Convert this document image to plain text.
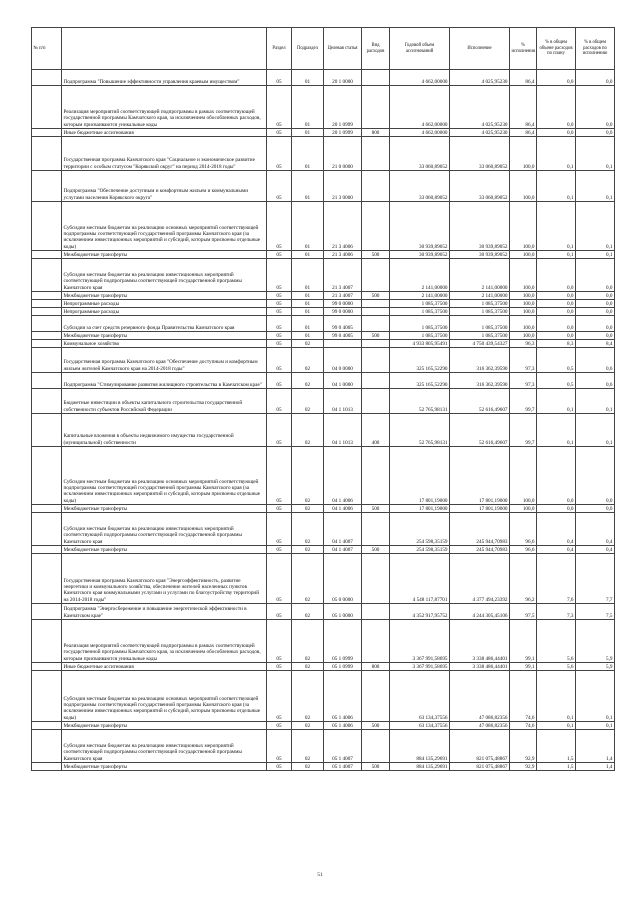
№ п/п		Раздел	Подраздел	Целевая статья	Вид расходов	Годовой объем ассигнований	Исполнение	% исполнения	% в общем объеме расходов по плану	% в общем расходов по исполнению
	Подпрограмма "Повышение эффективности управления краевым имуществом"	05	01	20 1 0000		4 662,00000	4 025,95230	86,4	0,0	0,0
	Реализация мероприятий соответствующей подпрограммы в рамках соответствующей государственной программы Камчатского края, за исключением обособленных расходов, которым присваиваются уникальные коды	05	01	20 1 0999		4 662,00000	4 025,95230	86,4	0,0	0,0
	Иные бюджетные ассигнования	05	01	20 1 0999	800	4 662,00000	4 025,95230	86,4	0,0	0,0
	Государственная программа Камчатского края "Социальное и экономическое развитие территории с особым статусом "Корякский округ" на период 2014-2018 годы"	05	01	21 0 0000		33 060,89052	33 060,89052	100,0	0,1	0,1
	Подпрограмма "Обеспечение доступным и комфортным жильем и коммунальными услугами населения Корякского округа"	05	01	21 3 0000		33 060,89052	33 060,89052	100,0	0,1	0,1
	Субсидии местным бюджетам на реализацию основных мероприятий соответствующей подпрограммы соответствующей государственной программы Камчатского края (за исключением инвестиционных мероприятий и субсидий, которым присвоены отдельные коды)	05	01	21 3 4006		30 939,89052	30 939,89052	100,0	0,1	0,1
	Межбюджетные трансферты	05	01	21 3 4006	500	30 939,89052	30 939,89052	100,0	0,1	0,1
	Субсидии местным бюджетам на реализацию инвестиционных мероприятий соответствующей подпрограммы соответствующей государственной программы Камчатского края	05	01	21 3 4007		2 141,00000	2 141,00000	100,0	0,0	0,0
	Межбюджетные трансферты	05	01	21 3 4007	500	2 141,00000	2 141,00000	100,0	0,0	0,0
	Непрограммные расходы	05	01	99 0 0000		1 085,37500	1 085,37500	100,0	0,0	0,0
	Непрограммные расходы	05	01	99 0 0000		1 085,37500	1 085,37500	100,0	0,0	0,0
	Субсидии за счет средств резервного фонда Правительства Камчатского края	05	01	99 0 4005		1 085,37500	1 085,37500	100,0	0,0	0,0
	Межбюджетные трансферты	05	01	99 0 4005	500	1 085,37500	1 085,37500	100,0	0,0	0,0
	Коммунальное хозяйство	05	02			4 933 805,95491	4 750 439,54327	96,3	8,3	8,4
	Государственная программа Камчатского края "Обеспечение доступным и комфортным жильем жителей Камчатского края на 2014-2018 годы"	05	02	04 0 0000		325 165,52290	316 362,39590	97,3	0,5	0,6
	Подпрограмма "Стимулирование развития жилищного строительства в Камчатском крае"	05	02	04 1 0000		325 165,52290	316 362,39590	97,3	0,5	0,6
	Бюджетные инвестиции в объекты капитального строительства государственной собственности субъектов Российской Федерации	05	02	04 1 1013		52 765,98131	52 616,49607	99,7	0,1	0,1
	Капитальные вложения в объекты недвижимого имущества государственной (муниципальной) собственности	05	02	04 1 1013	400	52 765,98131	52 616,49607	99,7	0,1	0,1
	Субсидии местным бюджетам на реализацию основных мероприятий соответствующей подпрограммы соответствующей государственной программы Камчатского края (за исключением инвестиционных мероприятий и субсидий, которым присвоены отдельные коды)	05	02	04 1 4006		17 801,19000	17 801,19000	100,0	0,0	0,0
	Межбюджетные трансферты	05	02	04 1 4006	500	17 801,19000	17 801,19000	100,0	0,0	0,0
	Субсидии местным бюджетам на реализацию инвестиционных мероприятий соответствующей подпрограммы соответствующей государственной программы Камчатского края	05	02	04 1 4007		254 598,35159	245 944,70983	96,6	0,4	0,4
	Межбюджетные трансферты	05	02	04 1 4007	500	254 598,35159	245 944,70983	96,6	0,4	0,4
	Государственная программа Камчатского края "Энергоэффективность, развитие энергетики и коммунального хозяйства, обеспечение жителей населенных пунктов Камчатского края коммунальными услугами и услугами по благоустройству территорий на 2014-2018 годы"	05	02	05 0 0000		4 548 117,87701	4 377 494,23392	96,2	7,6	7,7
	Подпрограмма "Энергосбережение и повышение энергетической эффективности в Камчатском крае"	05	02	05 1 0000		4 352 917,95752	4 244 305,45106	97,5	7,3	7,5
	Реализация мероприятий соответствующей подпрограммы в рамках соответствующей государственной программы Камчатского края, за исключением обособленных расходов, которым присваиваются уникальные коды	05	02	05 1 0999		3 367 991,58695	3 338 486,44401	99,1	5,6	5,9
	Иные бюджетные ассигнования	05	02	05 1 0999	800	3 367 991,58695	3 338 486,44401	99,1	5,6	5,9
	Субсидии местным бюджетам на реализацию основных мероприятий соответствующей подпрограммы соответствующей государственной программы Камчатского края (за исключением инвестиционных мероприятий и субсидий, которым присвоены отдельные коды)	05	02	05 1 4006		63 134,37556	47 086,82356	74,6	0,1	0,1
	Межбюджетные трансферты	05	02	05 1 4006	500	63 134,37556	47 086,82356	74,6	0,1	0,1
	Субсидии местным бюджетам на реализацию инвестиционных мероприятий соответствующей подпрограммы соответствующей государственной программы Камчатского края	05	02	05 1 4007		884 135,29691	821 075,48867	92,9	1,5	1,4
	Межбюджетные трансферты	05	02	05 1 4007	500	884 135,29691	821 075,48867	92,9	1,5	1,4
51
